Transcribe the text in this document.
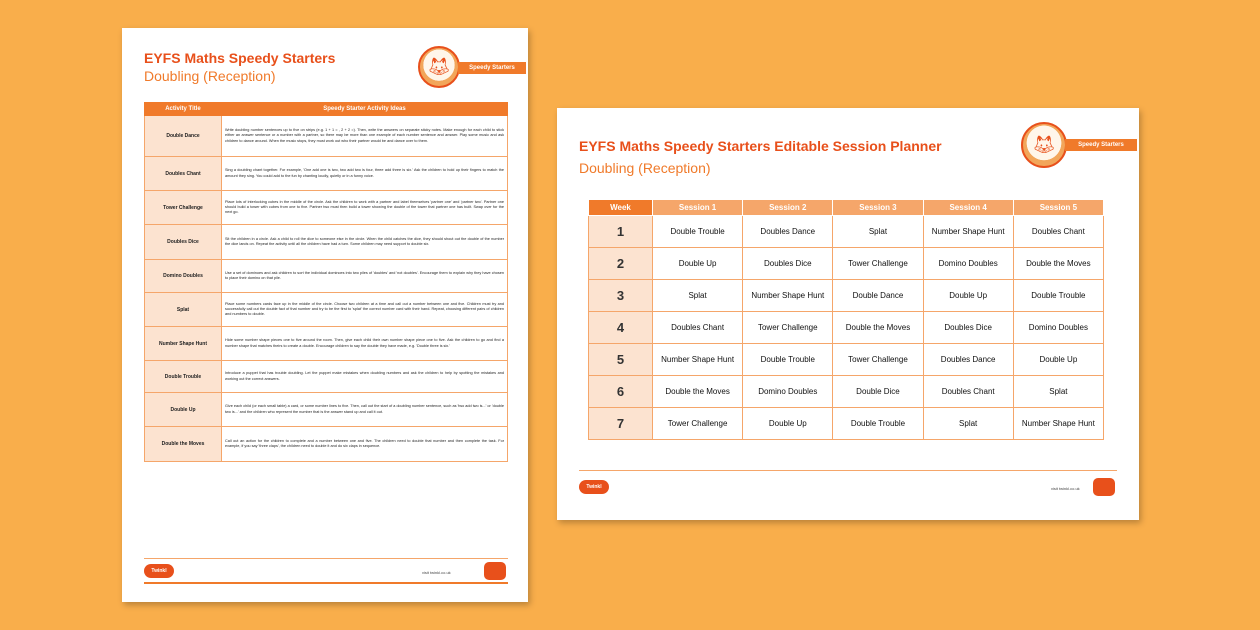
EYFS Maths Speedy Starters
Doubling (Reception)	🦊︎	Speedy Starters
Activity Title	Speedy Starter Activity Ideas
Double Dance	Write doubling number sentences up to five on strips (e.g. 1 + 1 = , 2 + 2 =). Then, write the answers on separate sticky notes. Make enough for each child to stick either an answer sentence or a number with a partner, so there may be more than one example of each number sentence and answer. Play some music and ask children to dance around. When the music stops, they must work out who their partner would be and dance over to them.
Doubles Chant	Sing a doubling chant together. For example, 'One add one is two, two add two is four, three add three is six.' Ask the children to hold up their fingers to match the amount they sing. You could add to the fun by chanting loudly, quietly or in a funny voice.
Tower Challenge	Place lots of interlocking cubes in the middle of the circle. Ask the children to work with a partner and label themselves 'partner one' and 'partner two'. Partner one should build a tower with cubes from one to five. Partner two must then build a tower showing the double of the tower that partner one has built. Swap over for the next go.
Doubles Dice	Sit the children in a circle. Ask a child to roll the dice to someone else in the circle. When the child catches the dice, they should shout out the double of the number the dice lands on. Repeat the activity until all the children have had a turn. Some children may need support to double six.
Domino Doubles	Use a set of dominoes and ask children to sort the individual dominoes into two piles of 'doubles' and 'not doubles'. Encourage them to explain why they have chosen to place their domino on that pile.
Splat	Place some numbers cards face up in the middle of the circle. Choose two children at a time and call out a number between one and five. Children must try and successfully call out the double fact of that number and try to be the first to 'splat' the correct number card with their hand. Repeat, choosing different pairs of children and numbers to double.
Number Shape Hunt	Hide some number shape pieces one to five around the room. Then, give each child their own number shape piece one to five. Ask the children to go and find a number shape that matches theirs to create a double. Encourage children to say the double they have made, e.g. 'Double three is six.'
Double Trouble	Introduce a puppet that has trouble doubling. Let the puppet make mistakes when doubling numbers and ask the children to help by spotting the mistakes and working out the correct answers.
Double Up	Give each child (or each small table) a card, or some number lines to five. Then, call out the start of a doubling number sentence, such as 'two add two is...' or 'double two is...' and the children who represent the number that is the answer stand up and call it out.
Double the Moves	Call out an action for the children to complete and a number between one and five. The children need to double that number and then complete the task. For example, if you say 'three claps', the children need to double it and do six claps in sequence.
Twinkl	visit twinkl.co.uk
EYFS Maths Speedy Starters Editable Session Planner
Doubling (Reception)
🦊︎	Speedy Starters
Week	Session 1	Session 2	Session 3	Session 4	Session 5
1	Double Trouble	Doubles Dance	Splat	Number Shape Hunt	Doubles Chant
2	Double Up	Doubles Dice	Tower Challenge	Domino Doubles	Double the Moves
3	Splat	Number Shape Hunt	Double Dance	Double Up	Double Trouble
4	Doubles Chant	Tower Challenge	Double the Moves	Doubles Dice	Domino Doubles
5	Number Shape Hunt	Double Trouble	Tower Challenge	Doubles Dance	Double Up
6	Double the Moves	Domino Doubles	Double Dice	Doubles Chant	Splat
7	Tower Challenge	Double Up	Double Trouble	Splat	Number Shape Hunt
Twinkl	visit twinkl.co.uk
